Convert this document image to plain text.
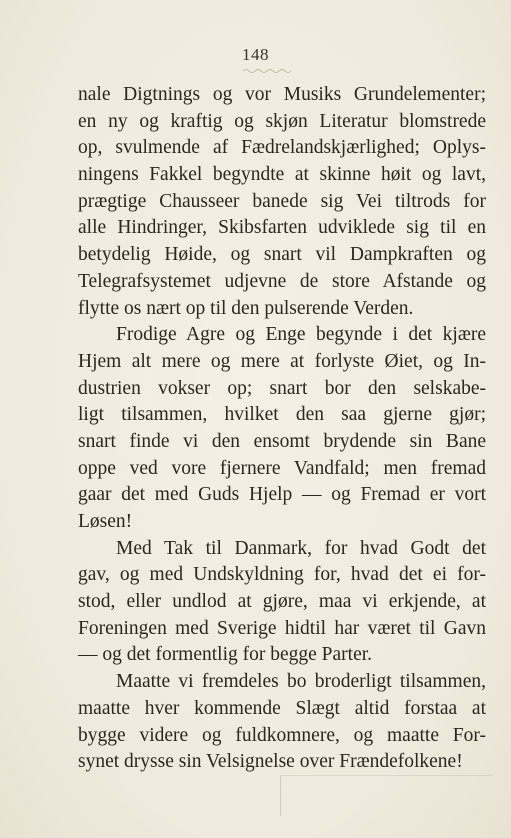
148
nale Digtnings og vor Musiks Grundelementer;
en ny og kraftig og skjøn Literatur blomstrede
op, svulmende af Fædrelandskjærlighed; Oplys-
ningens Fakkel begyndte at skinne høit og lavt,
prægtige Chausseer banede sig Vei tiltrods for
alle Hindringer, Skibsfarten udviklede sig til en
betydelig Høide, og snart vil Dampkraften og
Telegrafsystemet udjevne de store Afstande og
flytte os nært op til den pulserende Verden.
Frodige Agre og Enge begynde i det kjære
Hjem alt mere og mere at forlyste Øiet, og In-
dustrien vokser op; snart bor den selskabe-
ligt tilsammen, hvilket den saa gjerne gjør;
snart finde vi den ensomt brydende sin Bane
oppe ved vore fjernere Vandfald; men fremad
gaar det med Guds Hjelp — og Fremad er vort
Løsen!
Med Tak til Danmark, for hvad Godt det
gav, og med Undskyldning for, hvad det ei for-
stod, eller undlod at gjøre, maa vi erkjende, at
Foreningen med Sverige hidtil har været til Gavn
— og det formentlig for begge Parter.
Maatte vi fremdeles bo broderligt tilsammen,
maatte hver kommende Slægt altid forstaa at
bygge videre og fuldkomnere, og maatte For-
synet drysse sin Velsignelse over Frændefolkene!
